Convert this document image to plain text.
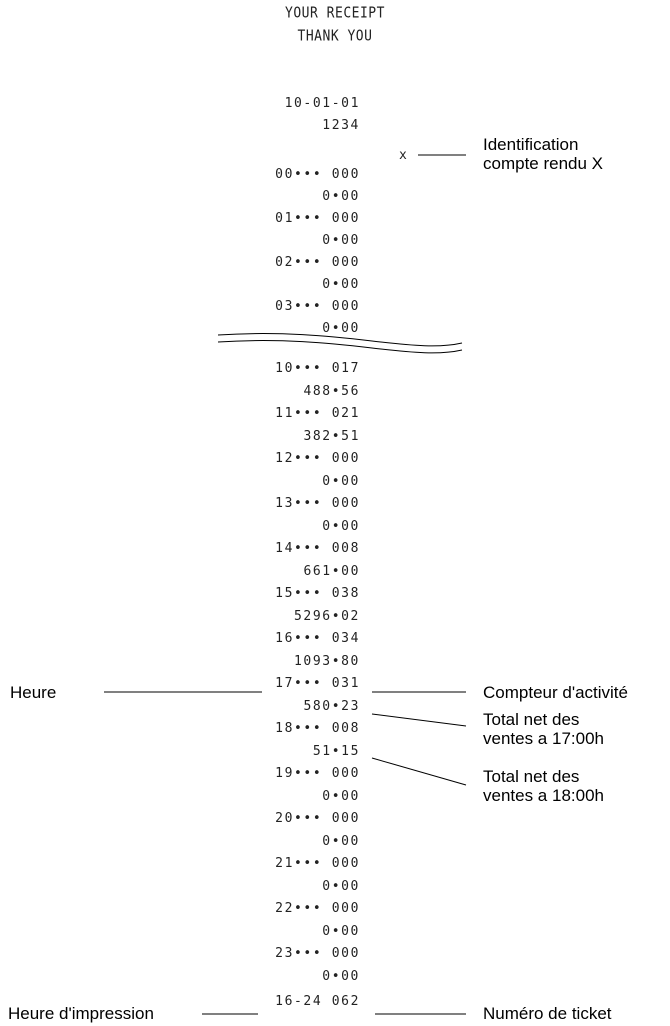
YOUR RECEIPT
THANK YOU
10-01-01
1234
00••• 000
0•00
01••• 000
0•00
02••• 000
0•00
03••• 000
0•00
10••• 017
488•56
11••• 021
382•51
12••• 000
0•00
13••• 000
0•00
14••• 008
661•00
15••• 038
5296•02
16••• 034
1093•80
17••• 031
580•23
18••• 008
51•15
19••• 000
0•00
20••• 000
0•00
21••• 000
0•00
22••• 000
0•00
23••• 000
0•00
16-24 062
x
Identification
compte rendu X
Heure	Compteur d'activité
Total net des
ventes a 17:00h
Total net des
ventes a 18:00h
Heure d'impression	Numéro de ticket
